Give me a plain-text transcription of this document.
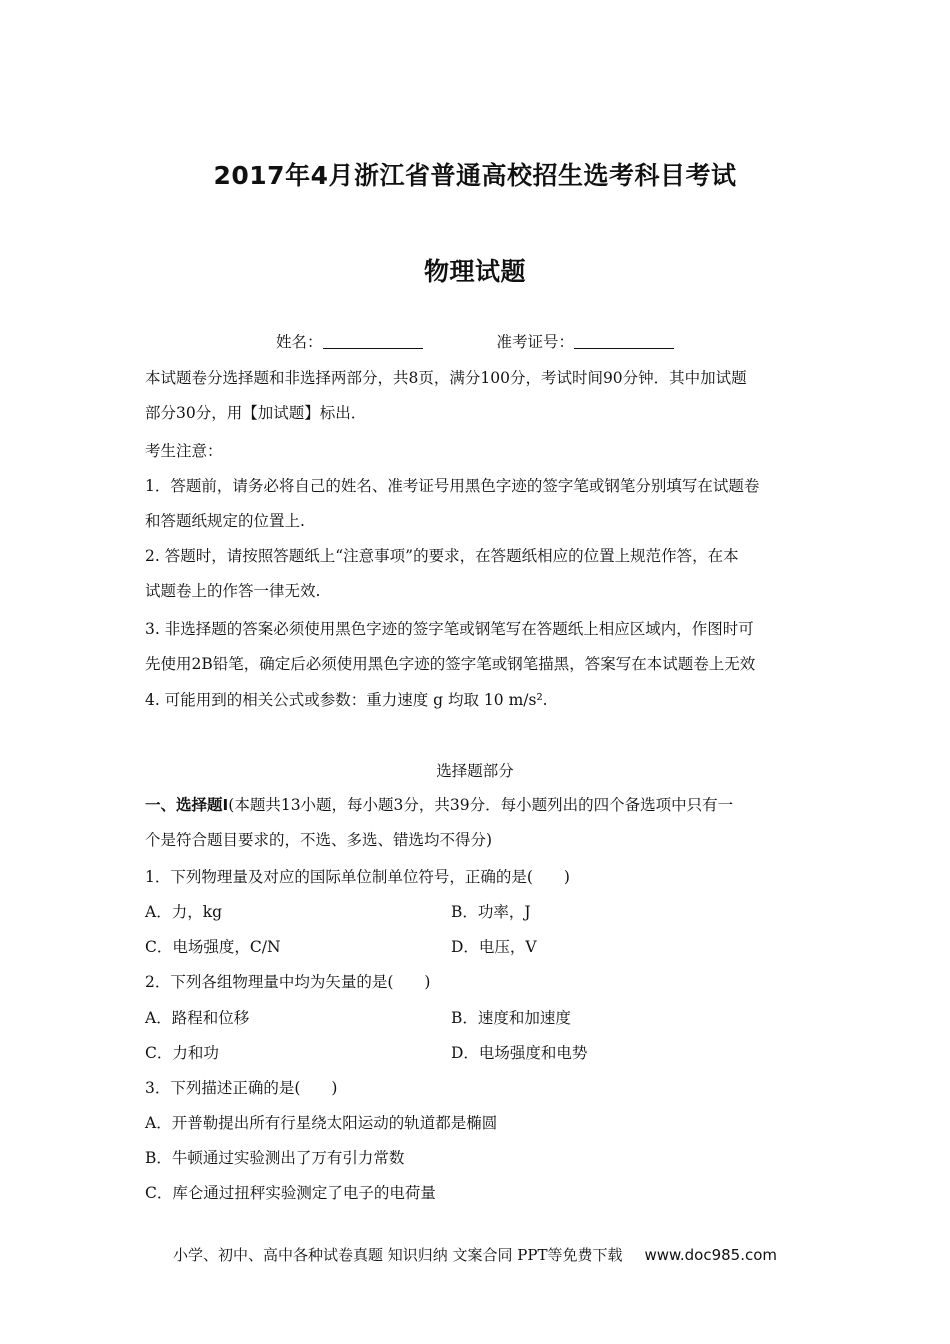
2017年4月浙江省普通高校招生选考科目考试
物理试题
姓名：	准考证号：
本试题卷分选择题和非选择两部分，共8页，满分100分，考试时间90分钟．其中加试题
部分30分，用【加试题】标出．
考生注意：
1．答题前，请务必将自己的姓名、准考证号用黑色字迹的签字笔或钢笔分别填写在试题卷
和答题纸规定的位置上.
2. 答题时，请按照答题纸上“注意事项”的要求，在答题纸相应的位置上规范作答，在本
试题卷上的作答一律无效.
3. 非选择题的答案必须使用黑色字迹的签字笔或钢笔写在答题纸上相应区域内，作图时可
先使用2B铅笔，确定后必须使用黑色字迹的签字笔或钢笔描黑，答案写在本试题卷上无效
4. 可能用到的相关公式或参数：重力速度 g 均取 10 m/s².
选择题部分
一、选择题Ⅰ(本题共13小题，每小题3分，共39分．每小题列出的四个备选项中只有一
个是符合题目要求的，不选、多选、错选均不得分)
1．下列物理量及对应的国际单位制单位符号，正确的是(　　)
A．力，kg	B．功率，J
C．电场强度，C/N	D．电压，V
2．下列各组物理量中均为矢量的是(　　)
A．路程和位移	B．速度和加速度
C．力和功	D．电场强度和电势
3．下列描述正确的是(　　)
A．开普勒提出所有行星绕太阳运动的轨道都是椭圆
B．牛顿通过实验测出了万有引力常数
C．库仑通过扭秤实验测定了电子的电荷量
小学、初中、高中各种试卷真题 知识归纳 文案合同 PPT等免费下载 www.doc985.com
